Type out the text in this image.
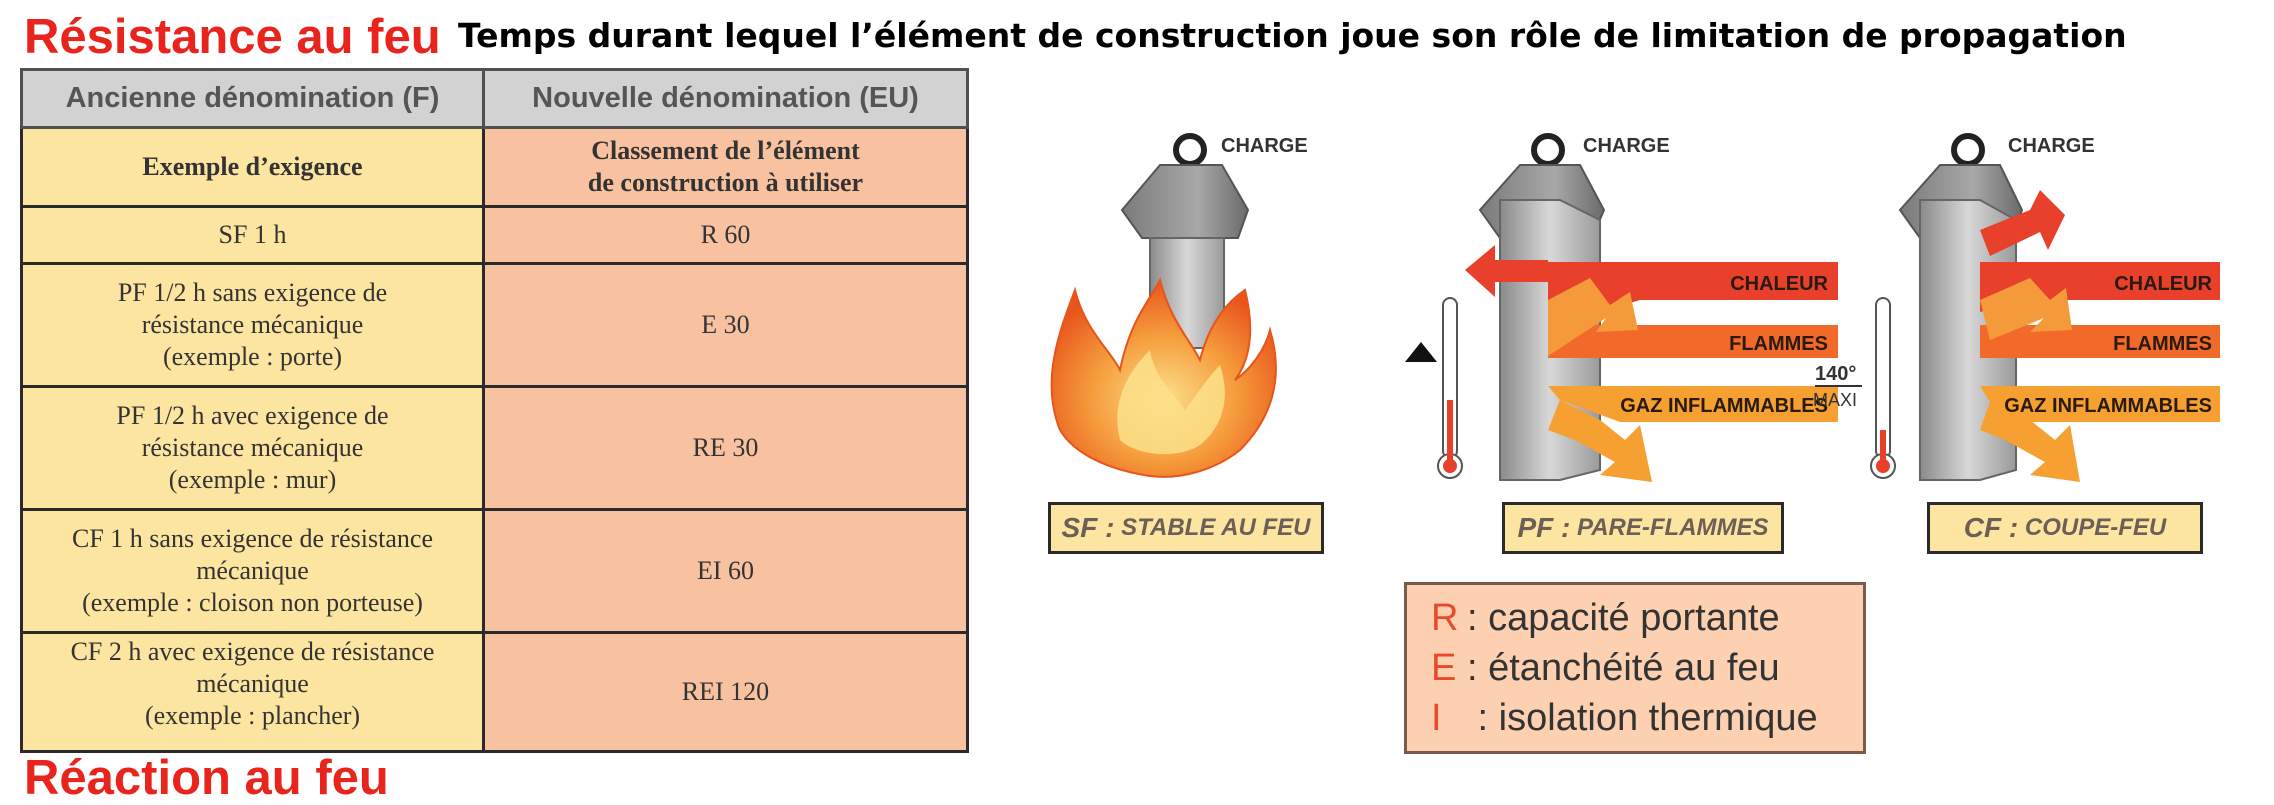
Résistance au feu Temps durant lequel l’élément de construction joue son rôle de limitation de propagation
Ancienne dénomination (F)	Nouvelle dénomination (EU)
Exemple d’exigence	Classement de l’élément
de construction à utiliser

SF 1 h	R 60

PF 1/2 h sans exigence de
résistance mécanique
(exemple : porte)	E 30

PF 1/2 h avec exigence de
résistance mécanique
(exemple : mur)	RE 30

CF 1 h sans exigence de résistance
mécanique
(exemple : cloison non porteuse)	EI 60

CF 2 h avec exigence de résistance
mécanique
(exemple : plancher)	REI 120
Réaction au feu
CHARGE
CHALEUR
FLAMMES
GAZ INFLAMMABLES
CHARGE
140°
MAXI
CHALEUR
FLAMMES
GAZ INFLAMMABLES
CHARGE
SF :
STABLE AU FEU	PF :
PARE-FLAMMES	CF :
COUPE-FEU
R : capacité portante
E : étanchéité au feu
I : isolation thermique
